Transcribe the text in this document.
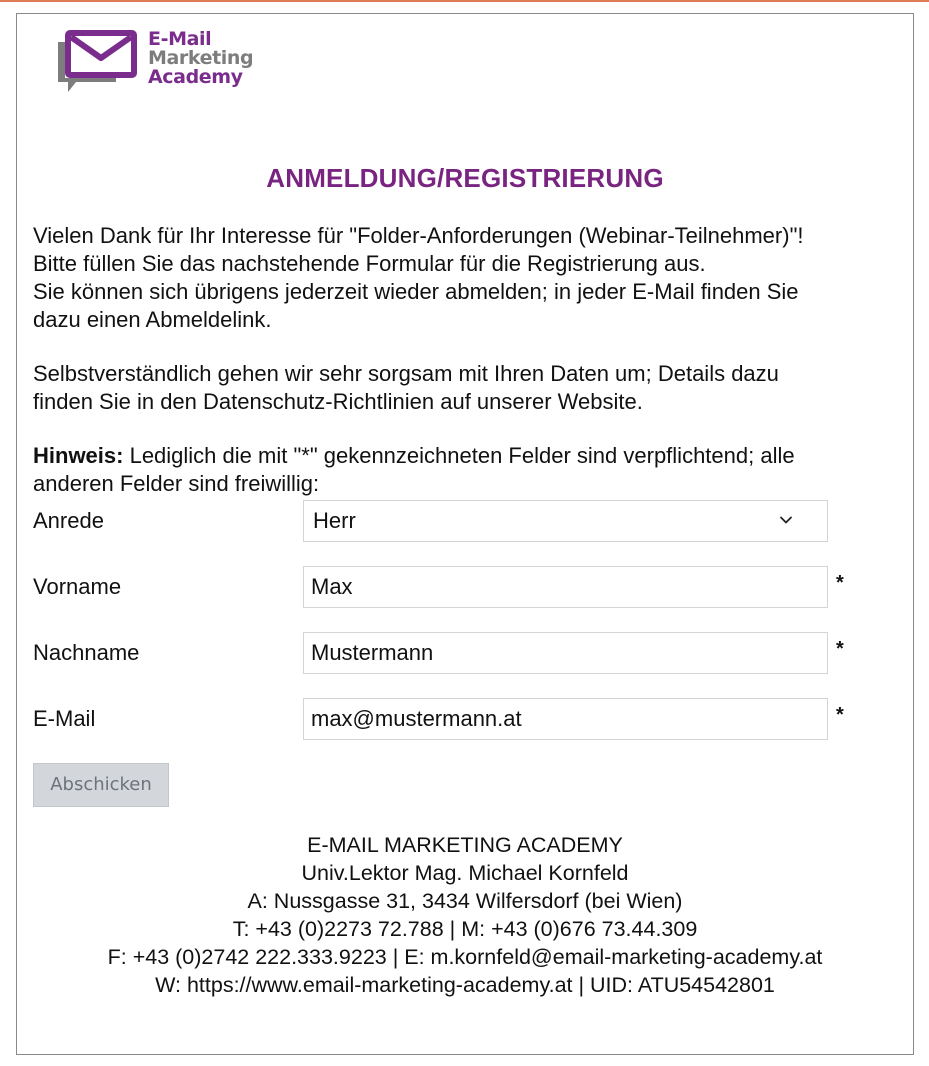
E-Mail
Marketing
Academy
ANMELDUNG/REGISTRIERUNG

Vielen Dank für Ihr Interesse für "Folder-Anforderungen (Webinar-Teilnehmer)"!

Bitte füllen Sie das nachstehende Formular für die Registrierung aus.

Sie können sich übrigens jederzeit wieder abmelden; in jeder E-Mail finden Sie

dazu einen Abmeldelink.

Selbstverständlich gehen wir sehr sorgsam mit Ihren Daten um; Details dazu

finden Sie in den Datenschutz-Richtlinien auf unserer Website.

Hinweis: Lediglich die mit "*" gekennzeichneten Felder sind verpflichtend; alle

anderen Felder sind freiwillig:

Anrede	Herr
Vorname	Max	*
Nachname	Mustermann	*
E-Mail	max@mustermann.at	*
Abschicken
E-MAIL MARKETING ACADEMY
Univ.Lektor Mag. Michael Kornfeld
A: Nussgasse 31, 3434 Wilfersdorf (bei Wien)
T: +43 (0)2273 72.788 | M: +43 (0)676 73.44.309
F: +43 (0)2742 222.333.9223 | E: m.kornfeld@email-marketing-academy.at
W: https://www.email-marketing-academy.at | UID: ATU54542801
